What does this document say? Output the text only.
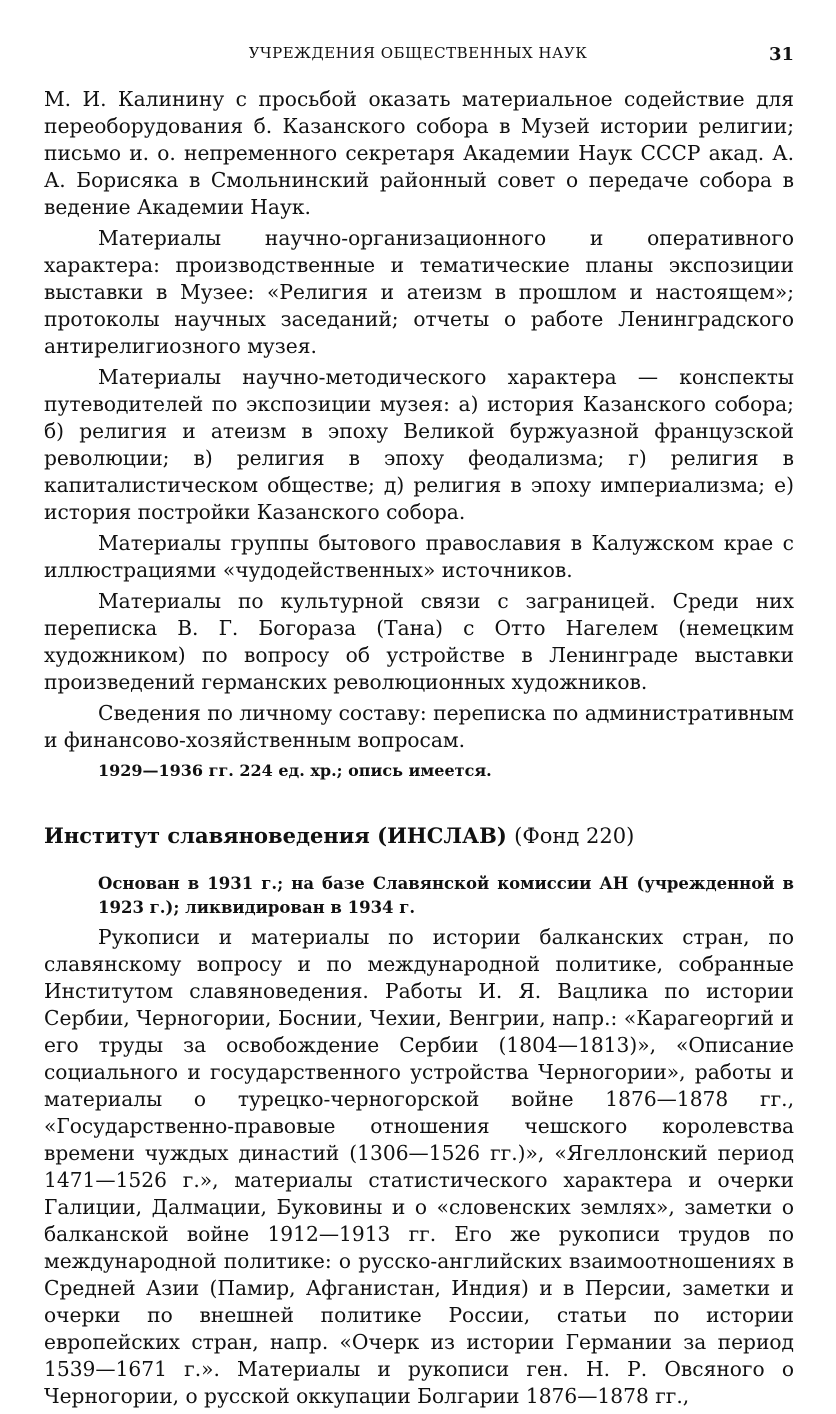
УЧРЕЖДЕНИЯ ОБЩЕСТВЕННЫХ НАУК	31

М. И. Калинину с просьбой оказать материальное содействие для переоборудования б. Казанского собора в Музей истории религии; письмо и. о. непременного секретаря Академии Наук СССР акад. А. А. Борисяка в Смольнинский районный совет о передаче собора в ведение Академии Наук.

Материалы научно-организационного и оперативного характера: производственные и тематические планы экспозиции выставки в Музее: «Религия и атеизм в прошлом и настоящем»; протоколы научных заседаний; отчеты о работе Ленинградского антирелигиозного музея.

Материалы научно-методического характера — конспекты путеводителей по экспозиции музея: а) история Казанского собора; б) религия и атеизм в эпоху Великой буржуазной французской революции; в) религия в эпоху феодализма; г) религия в капиталистическом обществе; д) религия в эпоху империализма; е) история постройки Казанского собора.

Материалы группы бытового православия в Калужском крае с иллюстрациями «чудодейственных» источников.

Материалы по культурной связи с заграницей. Среди них переписка В. Г. Богораза (Тана) с Отто Нагелем (немецким художником) по вопросу об устройстве в Ленинграде выставки произведений германских революционных художников.

Сведения по личному составу: переписка по административным и финансово-хозяйственным вопросам.

1929—1936 гг. 224 ед. хр.; опись имеется.

Институт славяноведения (ИНСЛАВ) (Фонд 220)

Основан в 1931 г.; на базе Славянской комиссии АН (учрежденной в 1923 г.); ликвидирован в 1934 г.

Рукописи и материалы по истории балканских стран, по славянскому вопросу и по международной политике, собранные Институтом славяноведения. Работы И. Я. Вацлика по истории Сербии, Черногории, Боснии, Чехии, Венгрии, напр.: «Карагеоргий и его труды за освобождение Сербии (1804—1813)», «Описание социального и государственного устройства Черногории», работы и материалы о турецко-черногорской войне 1876—1878 гг., «Государственно-правовые отношения чешского королевства времени чуждых династий (1306—1526 гг.)», «Ягеллонский период 1471—1526 г.», материалы статистического характера и очерки Галиции, Далмации, Буковины и о «словенских землях», заметки о балканской войне 1912—1913 гг. Его же рукописи трудов по международной политике: о русско-английских взаимоотношениях в Средней Азии (Памир, Афганистан, Индия) и в Персии, заметки и очерки по внешней политике России, статьи по истории европейских стран, напр. «Очерк из истории Германии за период 1539—1671 г.». Материалы и рукописи ген. Н. Р. Овсяного о Черногории, о русской оккупации Болгарии 1876—1878 гг.,
